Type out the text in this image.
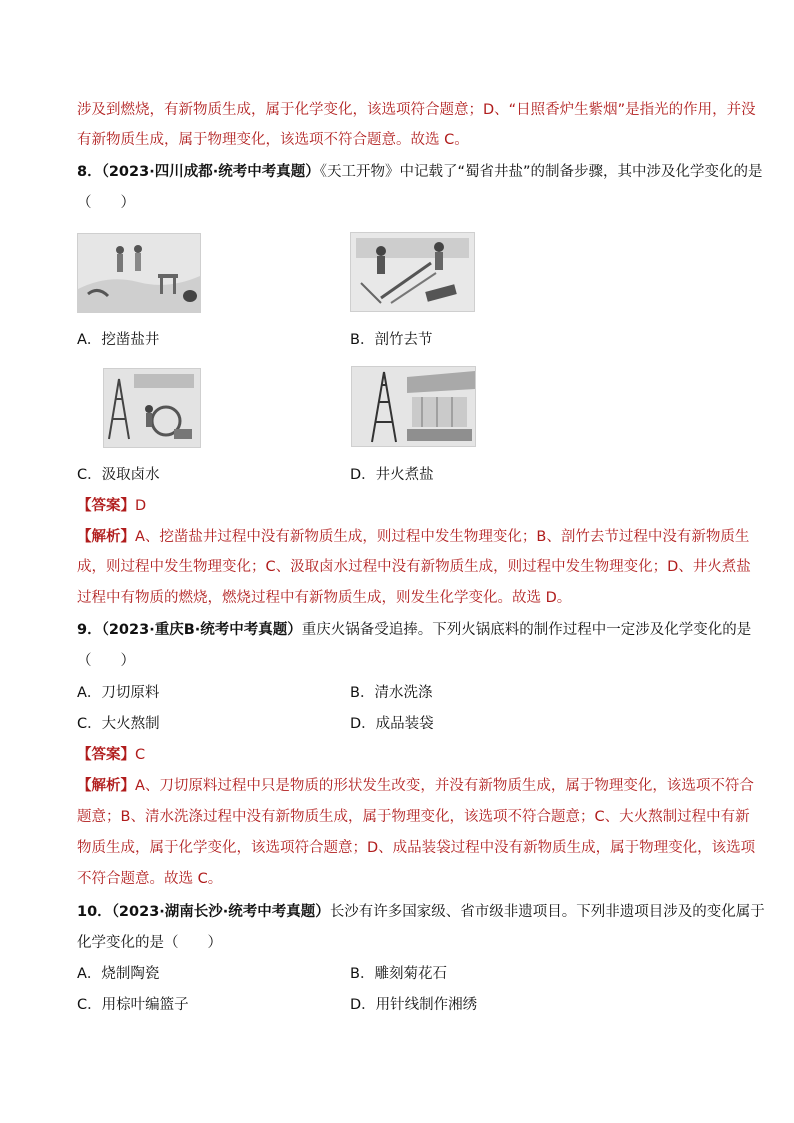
涉及到燃烧，有新物质生成，属于化学变化，该选项符合题意；D、“日照香炉生紫烟”是指光的作用，并没
有新物质生成，属于物理变化，该选项不符合题意。故选 C。
8．（2023·四川成都·统考中考真题）《天工开物》中记载了“蜀省井盐”的制备步骤，其中涉及化学变化的是
（　　）
A．挖凿盐井	B．剖竹去节
C．汲取卤水	D．井火煮盐
【答案】D
【解析】A、挖凿盐井过程中没有新物质生成，则过程中发生物理变化；B、剖竹去节过程中没有新物质生
成，则过程中发生物理变化；C、汲取卤水过程中没有新物质生成，则过程中发生物理变化；D、井火煮盐
过程中有物质的燃烧，燃烧过程中有新物质生成，则发生化学变化。故选 D。
9．（2023·重庆B·统考中考真题）重庆火锅备受追捧。下列火锅底料的制作过程中一定涉及化学变化的是
（　　）
A．刀切原料	B．清水洗涤
C．大火熬制	D．成品装袋
【答案】C
【解析】A、刀切原料过程中只是物质的形状发生改变，并没有新物质生成，属于物理变化，该选项不符合
题意；B、清水洗涤过程中没有新物质生成，属于物理变化，该选项不符合题意；C、大火熬制过程中有新
物质生成，属于化学变化，该选项符合题意；D、成品装袋过程中没有新物质生成，属于物理变化，该选项
不符合题意。故选 C。
10．（2023·湖南长沙·统考中考真题）长沙有许多国家级、省市级非遗项目。下列非遗项目涉及的变化属于
化学变化的是（　　）
A．烧制陶瓷	B．雕刻菊花石
C．用棕叶编篮子	D．用针线制作湘绣
